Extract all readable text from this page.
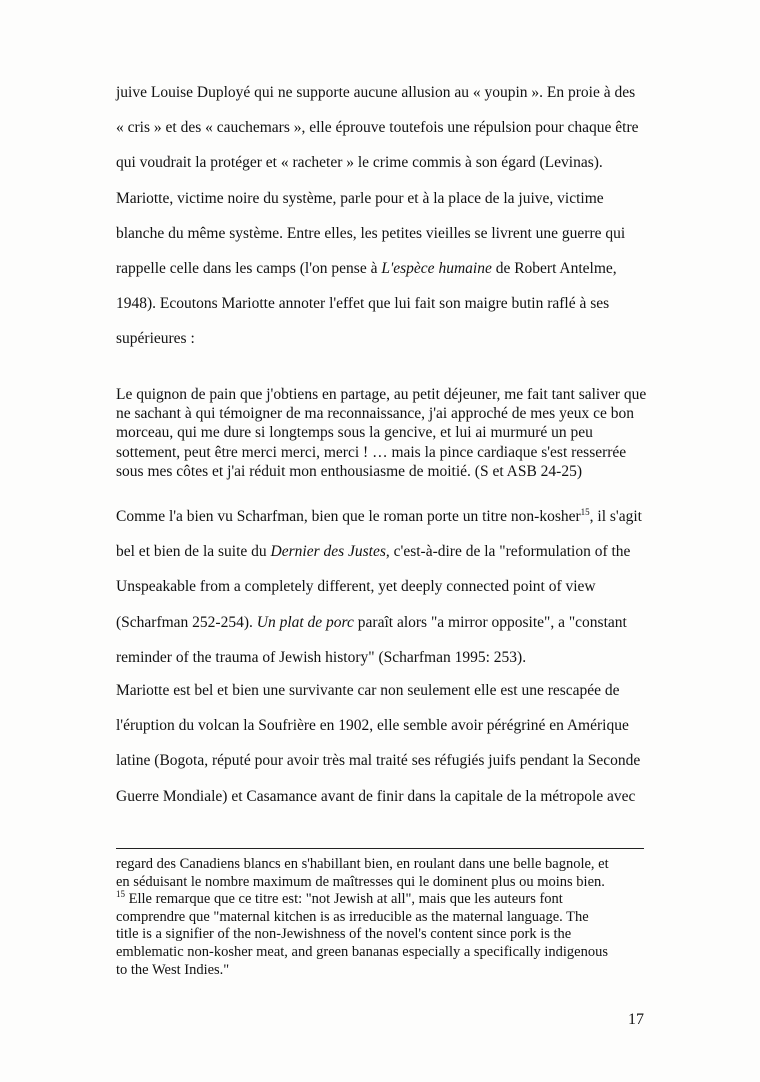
juive Louise Duployé qui ne supporte aucune allusion au « youpin ». En proie à des
« cris » et des « cauchemars », elle éprouve toutefois une répulsion pour chaque être
qui voudrait la protéger et « racheter » le crime commis à son égard (Levinas).
Mariotte, victime noire du système, parle pour et à la place de la juive, victime
blanche du même système. Entre elles, les petites vieilles se livrent une guerre qui
rappelle celle dans les camps (l'on pense à L'espèce humaine de Robert Antelme,
1948). Ecoutons Mariotte annoter l'effet que lui fait son maigre butin raflé à ses
supérieures :
Le quignon de pain que j'obtiens en partage, au petit déjeuner, me fait tant saliver que
ne sachant à qui témoigner de ma reconnaissance, j'ai approché de mes yeux ce bon
morceau, qui me dure si longtemps sous la gencive, et lui ai murmuré un peu
sottement, peut être merci merci, merci ! … mais la pince cardiaque s'est resserrée
sous mes côtes et j'ai réduit mon enthousiasme de moitié. (S et ASB 24-25)
Comme l'a bien vu Scharfman, bien que le roman porte un titre non-kosher$^{15}$, il s'agit
bel et bien de la suite du Dernier des Justes, c'est-à-dire de la "reformulation of the
Unspeakable from a completely different, yet deeply connected point of view
(Scharfman 252-254). Un plat de porc paraît alors "a mirror opposite", a "constant
reminder of the trauma of Jewish history" (Scharfman 1995: 253).
Mariotte est bel et bien une survivante car non seulement elle est une rescapée de
l'éruption du volcan la Soufrière en 1902, elle semble avoir pérégriné en Amérique
latine (Bogota, réputé pour avoir très mal traité ses réfugiés juifs pendant la Seconde
Guerre Mondiale) et Casamance avant de finir dans la capitale de la métropole avec
regard des Canadiens blancs en s'habillant bien, en roulant dans une belle bagnole, et
en séduisant le nombre maximum de maîtresses qui le dominent plus ou moins bien.
$^{15}$ Elle remarque que ce titre est: "not Jewish at all", mais que les auteurs font
comprendre que "maternal kitchen is as irreducible as the maternal language. The
title is a signifier of the non-Jewishness of the novel's content since pork is the
emblematic non-kosher meat, and green bananas especially a specifically indigenous
to the West Indies."
17
